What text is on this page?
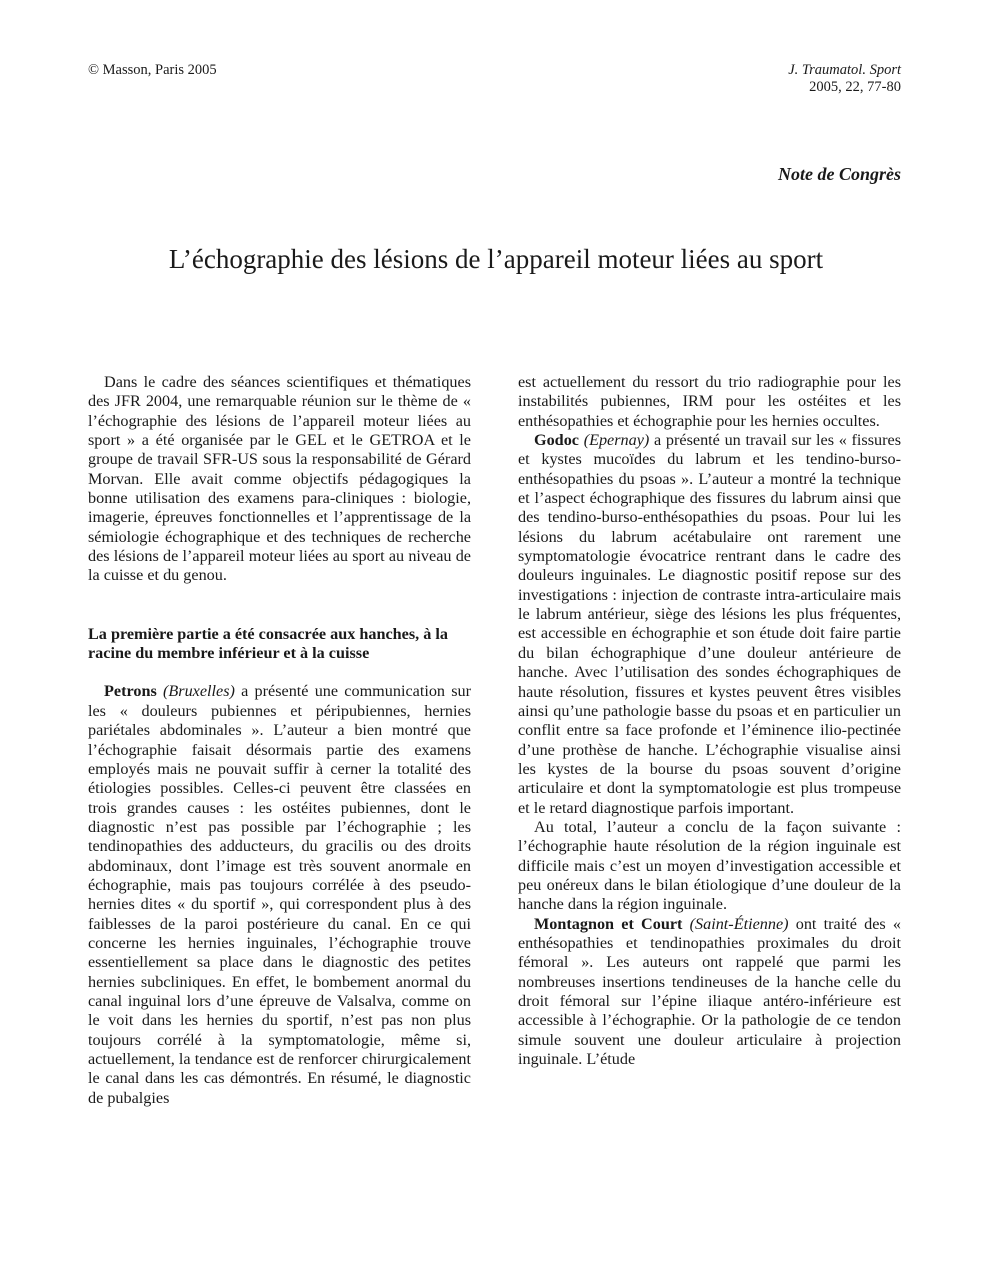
© Masson, Paris 2005	J. Traumatol. Sport
2005, 22, 77-80
Note de Congrès
L’échographie des lésions de l’appareil moteur liées au sport

Dans le cadre des séances scientifiques et thématiques des JFR 2004, une remarquable réunion sur le thème de « l’échographie des lésions de l’appareil moteur liées au sport » a été organisée par le GEL et le GETROA et le groupe de travail SFR-US sous la responsabilité de Gérard Morvan. Elle avait comme objectifs pédagogiques la bonne utilisation des examens para-cliniques : biologie, imagerie, épreuves fonctionnelles et l’apprentissage de la sémiologie échographique et des techniques de recherche des lésions de l’appareil moteur liées au sport au niveau de la cuisse et du genou.

La première partie a été consacrée aux hanches, à la racine du membre inférieur et à la cuisse

Petrons (Bruxelles) a présenté une communication sur les « douleurs pubiennes et péripubiennes, hernies pariétales abdominales ». L’auteur a bien montré que l’échographie faisait désormais partie des examens employés mais ne pouvait suffir à cerner la totalité des étiologies possibles. Celles-ci peuvent être classées en trois grandes causes : les ostéites pubiennes, dont le diagnostic n’est pas possible par l’échographie ; les tendinopathies des adducteurs, du gracilis ou des droits abdominaux, dont l’image est très souvent anormale en échographie, mais pas toujours corrélée à des pseudo-hernies dites « du sportif », qui correspondent plus à des faiblesses de la paroi postérieure du canal. En ce qui concerne les hernies inguinales, l’échographie trouve essentiellement sa place dans le diagnostic des petites hernies subcliniques. En effet, le bombement anormal du canal inguinal lors d’une épreuve de Valsalva, comme on le voit dans les hernies du sportif, n’est pas non plus toujours corrélé à la symptomatologie, même si, actuellement, la tendance est de renforcer chirurgicalement le canal dans les cas démontrés. En résumé, le diagnostic de pubalgies

est actuellement du ressort du trio radiographie pour les instabilités pubiennes, IRM pour les ostéites et les enthésopathies et échographie pour les hernies occultes.

Godoc (Epernay) a présenté un travail sur les « fissures et kystes mucoïdes du labrum et les tendino-burso-enthésopathies du psoas ». L’auteur a montré la technique et l’aspect échographique des fissures du labrum ainsi que des tendino-burso-enthésopathies du psoas. Pour lui les lésions du labrum acétabulaire ont rarement une symptomatologie évocatrice rentrant dans le cadre des douleurs inguinales. Le diagnostic positif repose sur des investigations : injection de contraste intra-articulaire mais le labrum antérieur, siège des lésions les plus fréquentes, est accessible en échographie et son étude doit faire partie du bilan échographique d’une douleur antérieure de hanche. Avec l’utilisation des sondes échographiques de haute résolution, fissures et kystes peuvent êtres visibles ainsi qu’une pathologie basse du psoas et en particulier un conflit entre sa face profonde et l’éminence ilio-pectinée d’une prothèse de hanche. L’échographie visualise ainsi les kystes de la bourse du psoas souvent d’origine articulaire et dont la symptomatologie est plus trompeuse et le retard diagnostique parfois important.

Au total, l’auteur a conclu de la façon suivante : l’échographie haute résolution de la région inguinale est difficile mais c’est un moyen d’investigation accessible et peu onéreux dans le bilan étiologique d’une douleur de la hanche dans la région inguinale.

Montagnon et Court (Saint-Étienne) ont traité des « enthésopathies et tendinopathies proximales du droit fémoral ». Les auteurs ont rappelé que parmi les nombreuses insertions tendineuses de la hanche celle du droit fémoral sur l’épine iliaque antéro-inférieure est accessible à l’échographie. Or la pathologie de ce tendon simule souvent une douleur articulaire à projection inguinale. L’étude
